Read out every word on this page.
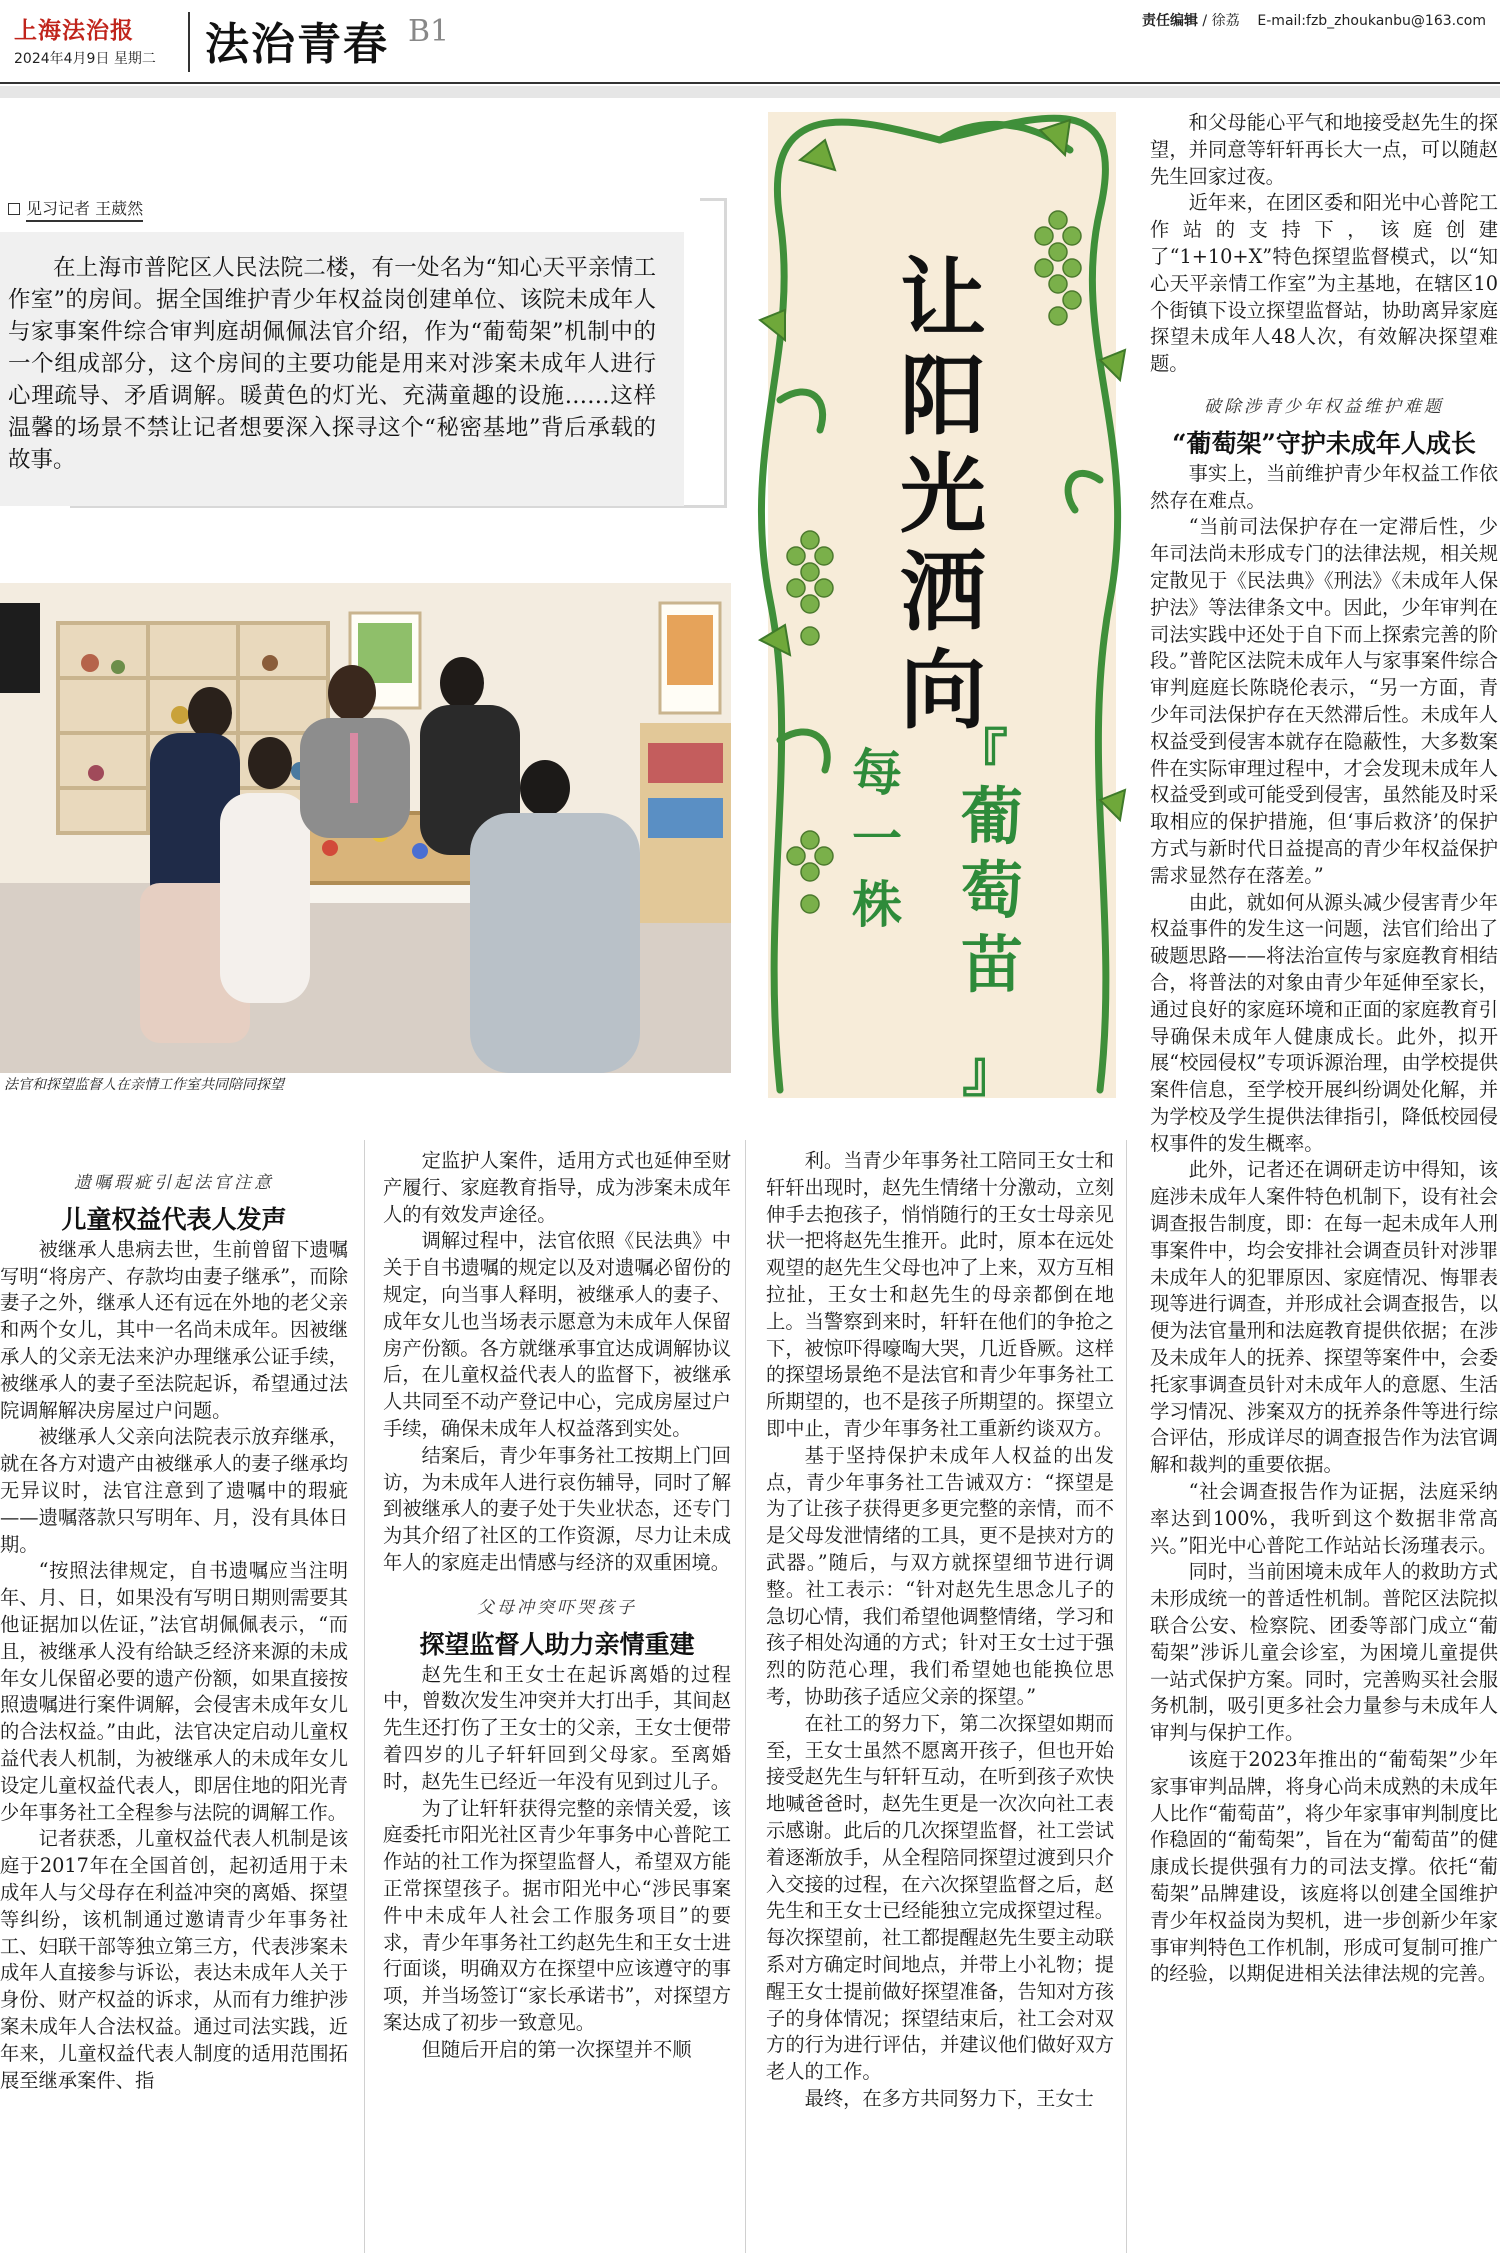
上海法治报
2024年4月9日 星期二 法治青春 B1	责任编辑 / 徐荔 E-mail:fzb_zhoukanbu@163.com
见习记者 王葳然

在上海市普陀区人民法院二楼，有一处名为“知心天平亲情工作室”的房间。据全国维护青少年权益岗创建单位、该院未成年人与家事案件综合审判庭胡佩佩法官介绍，作为“葡萄架”机制中的一个组成部分，这个房间的主要功能是用来对涉案未成年人进行心理疏导、矛盾调解。暖黄色的灯光、充满童趣的设施……这样温馨的场景不禁让记者想要深入探寻这个“秘密基地”背后承载的故事。

法官和探望监督人在亲情工作室共同陪同探望
让阳光洒向
每一株
『
葡萄苗
』

遗嘱瑕疵引起法官注意

儿童权益代表人发声

被继承人患病去世，生前曾留下遗嘱写明“将房产、存款均由妻子继承”，而除妻子之外，继承人还有远在外地的老父亲和两个女儿，其中一名尚未成年。因被继承人的父亲无法来沪办理继承公证手续，被继承人的妻子至法院起诉，希望通过法院调解解决房屋过户问题。

被继承人父亲向法院表示放弃继承，就在各方对遗产由被继承人的妻子继承均无异议时，法官注意到了遗嘱中的瑕疵——遗嘱落款只写明年、月，没有具体日期。

“按照法律规定，自书遗嘱应当注明年、月、日，如果没有写明日期则需要其他证据加以佐证，”法官胡佩佩表示，“而且，被继承人没有给缺乏经济来源的未成年女儿保留必要的遗产份额，如果直接按照遗嘱进行案件调解，会侵害未成年女儿的合法权益。”由此，法官决定启动儿童权益代表人机制，为被继承人的未成年女儿设定儿童权益代表人，即居住地的阳光青少年事务社工全程参与法院的调解工作。

记者获悉，儿童权益代表人机制是该庭于2017年在全国首创，起初适用于未成年人与父母存在利益冲突的离婚、探望等纠纷，该机制通过邀请青少年事务社工、妇联干部等独立第三方，代表涉案未成年人直接参与诉讼，表达未成年人关于身份、财产权益的诉求，从而有力维护涉案未成年人合法权益。通过司法实践，近年来，儿童权益代表人制度的适用范围拓展至继承案件、指

定监护人案件，适用方式也延伸至财产履行、家庭教育指导，成为涉案未成年人的有效发声途径。

调解过程中，法官依照《民法典》中关于自书遗嘱的规定以及对遗嘱必留份的规定，向当事人释明，被继承人的妻子、成年女儿也当场表示愿意为未成年人保留房产份额。各方就继承事宜达成调解协议后，在儿童权益代表人的监督下，被继承人共同至不动产登记中心，完成房屋过户手续，确保未成年人权益落到实处。

结案后，青少年事务社工按期上门回访，为未成年人进行哀伤辅导，同时了解到被继承人的妻子处于失业状态，还专门为其介绍了社区的工作资源，尽力让未成年人的家庭走出情感与经济的双重困境。

父母冲突吓哭孩子

探望监督人助力亲情重建

赵先生和王女士在起诉离婚的过程中，曾数次发生冲突并大打出手，其间赵先生还打伤了王女士的父亲，王女士便带着四岁的儿子轩轩回到父母家。至离婚时，赵先生已经近一年没有见到过儿子。

为了让轩轩获得完整的亲情关爱，该庭委托市阳光社区青少年事务中心普陀工作站的社工作为探望监督人，希望双方能正常探望孩子。据市阳光中心“涉民事案件中未成年人社会工作服务项目”的要求，青少年事务社工约赵先生和王女士进行面谈，明确双方在探望中应该遵守的事项，并当场签订“家长承诺书”，对探望方案达成了初步一致意见。

但随后开启的第一次探望并不顺

利。当青少年事务社工陪同王女士和轩轩出现时，赵先生情绪十分激动，立刻伸手去抱孩子，悄悄随行的王女士母亲见状一把将赵先生推开。此时，原本在远处观望的赵先生父母也冲了上来，双方互相拉扯，王女士和赵先生的母亲都倒在地上。当警察到来时，轩轩在他们的争抢之下，被惊吓得嚎啕大哭，几近昏厥。这样的探望场景绝不是法官和青少年事务社工所期望的，也不是孩子所期望的。探望立即中止，青少年事务社工重新约谈双方。

基于坚持保护未成年人权益的出发点，青少年事务社工告诫双方：“探望是为了让孩子获得更多更完整的亲情，而不是父母发泄情绪的工具，更不是挟对方的武器。”随后，与双方就探望细节进行调整。社工表示：“针对赵先生思念儿子的急切心情，我们希望他调整情绪，学习和孩子相处沟通的方式；针对王女士过于强烈的防范心理，我们希望她也能换位思考，协助孩子适应父亲的探望。”

在社工的努力下，第二次探望如期而至，王女士虽然不愿离开孩子，但也开始接受赵先生与轩轩互动，在听到孩子欢快地喊爸爸时，赵先生更是一次次向社工表示感谢。此后的几次探望监督，社工尝试着逐渐放手，从全程陪同探望过渡到只介入交接的过程，在六次探望监督之后，赵先生和王女士已经能独立完成探望过程。每次探望前，社工都提醒赵先生要主动联系对方确定时间地点，并带上小礼物；提醒王女士提前做好探望准备，告知对方孩子的身体情况；探望结束后，社工会对双方的行为进行评估，并建议他们做好双方老人的工作。

最终，在多方共同努力下，王女士

和父母能心平气和地接受赵先生的探望，并同意等轩轩再长大一点，可以随赵先生回家过夜。

近年来，在团区委和阳光中心普陀工作站的支持下，该庭创建了“1+10+X”特色探望监督模式，以“知心天平亲情工作室”为主基地，在辖区10个街镇下设立探望监督站，协助离异家庭探望未成年人48人次，有效解决探望难题。

破除涉青少年权益维护难题

“葡萄架”守护未成年人成长

事实上，当前维护青少年权益工作依然存在难点。

“当前司法保护存在一定滞后性，少年司法尚未形成专门的法律法规，相关规定散见于《民法典》《刑法》《未成年人保护法》等法律条文中。因此，少年审判在司法实践中还处于自下而上探索完善的阶段。”普陀区法院未成年人与家事案件综合审判庭庭长陈晓伦表示，“另一方面，青少年司法保护存在天然滞后性。未成年人权益受到侵害本就存在隐蔽性，大多数案件在实际审理过程中，才会发现未成年人权益受到或可能受到侵害，虽然能及时采取相应的保护措施，但‘事后救济’的保护方式与新时代日益提高的青少年权益保护需求显然存在落差。”

由此，就如何从源头减少侵害青少年权益事件的发生这一问题，法官们给出了破题思路——将法治宣传与家庭教育相结合，将普法的对象由青少年延伸至家长，通过良好的家庭环境和正面的家庭教育引导确保未成年人健康成长。此外，拟开展“校园侵权”专项诉源治理，由学校提供案件信息，至学校开展纠纷调处化解，并为学校及学生提供法律指引，降低校园侵权事件的发生概率。

此外，记者还在调研走访中得知，该庭涉未成年人案件特色机制下，设有社会调查报告制度，即：在每一起未成年人刑事案件中，均会安排社会调查员针对涉罪未成年人的犯罪原因、家庭情况、悔罪表现等进行调查，并形成社会调查报告，以便为法官量刑和法庭教育提供依据；在涉及未成年人的抚养、探望等案件中，会委托家事调查员针对未成年人的意愿、生活学习情况、涉案双方的抚养条件等进行综合评估，形成详尽的调查报告作为法官调解和裁判的重要依据。

“社会调查报告作为证据，法庭采纳率达到100%，我听到这个数据非常高兴。”阳光中心普陀工作站站长汤瑾表示。

同时，当前困境未成年人的救助方式未形成统一的普适性机制。普陀区法院拟联合公安、检察院、团委等部门成立“葡萄架”涉诉儿童会诊室，为困境儿童提供一站式保护方案。同时，完善购买社会服务机制，吸引更多社会力量参与未成年人审判与保护工作。

该庭于2023年推出的“葡萄架”少年家事审判品牌，将身心尚未成熟的未成年人比作“葡萄苗”，将少年家事审判制度比作稳固的“葡萄架”，旨在为“葡萄苗”的健康成长提供强有力的司法支撑。依托“葡萄架”品牌建设，该庭将以创建全国维护青少年权益岗为契机，进一步创新少年家事审判特色工作机制，形成可复制可推广的经验，以期促进相关法律法规的完善。
